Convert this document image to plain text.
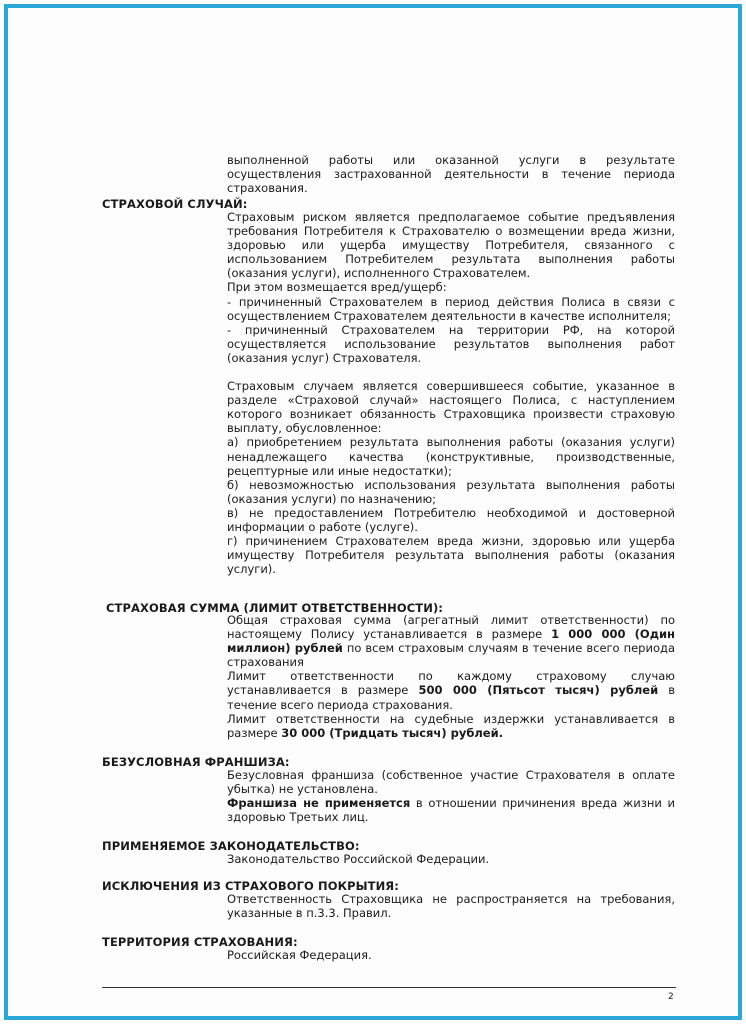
выполненной работы или оказанной услуги в результате осуществления застрахованной деятельности в течение периода страхования.

СТРАХОВОЙ СЛУЧАЙ:

Страховым риском является предполагаемое событие предъявления требования Потребителя к Страхователю о возмещении вреда жизни, здоровью или ущерба имуществу Потребителя, связанного с использованием Потребителем результата выполнения работы (оказания услуги), исполненного Страхователем.

При этом возмещается вред/ущерб:

- причиненный Страхователем в период действия Полиса в связи с осуществлением Страхователем деятельности в качестве исполнителя;

- причиненный Страхователем на территории РФ, на которой осуществляется использование результатов выполнения работ (оказания услуг) Страхователя.

Страховым случаем является совершившееся событие, указанное в разделе «Страховой случай» настоящего Полиса, с наступлением которого возникает обязанность Страховщика произвести страховую выплату, обусловленное:

а) приобретением результата выполнения работы (оказания услуги) ненадлежащего качества (конструктивные, производственные, рецептурные или иные недостатки);

б) невозможностью использования результата выполнения работы (оказания услуги) по назначению;

в) не предоставлением Потребителю необходимой и достоверной информации о работе (услуге).

г) причинением Страхователем вреда жизни, здоровью или ущерба имуществу Потребителя результата выполнения работы (оказания услуги).

СТРАХОВАЯ СУММА (ЛИМИТ ОТВЕТСТВЕННОСТИ):

Общая страховая сумма (агрегатный лимит ответственности) по настоящему Полису устанавливается в размере 1 000 000 (Один миллион) рублей по всем страховым случаям в течение всего периода страхования

Лимит ответственности по каждому страховому случаю устанавливается в размере 500 000 (Пятьсот тысяч) рублей в течение всего периода страхования.

Лимит ответственности на судебные издержки устанавливается в размере 30 000 (Тридцать тысяч) рублей.

БЕЗУСЛОВНАЯ ФРАНШИЗА:

Безусловная франшиза (собственное участие Страхователя в оплате убытка) не установлена.

Франшиза не применяется в отношении причинения вреда жизни и здоровью Третьих лиц.

ПРИМЕНЯЕМОЕ ЗАКОНОДАТЕЛЬСТВО:

Законодательство Российской Федерации.

ИСКЛЮЧЕНИЯ ИЗ СТРАХОВОГО ПОКРЫТИЯ:

Ответственность Страховщика не распространяется на требования, указанные в п.3.3. Правил.

ТЕРРИТОРИЯ СТРАХОВАНИЯ:

Российская Федерация.

2
